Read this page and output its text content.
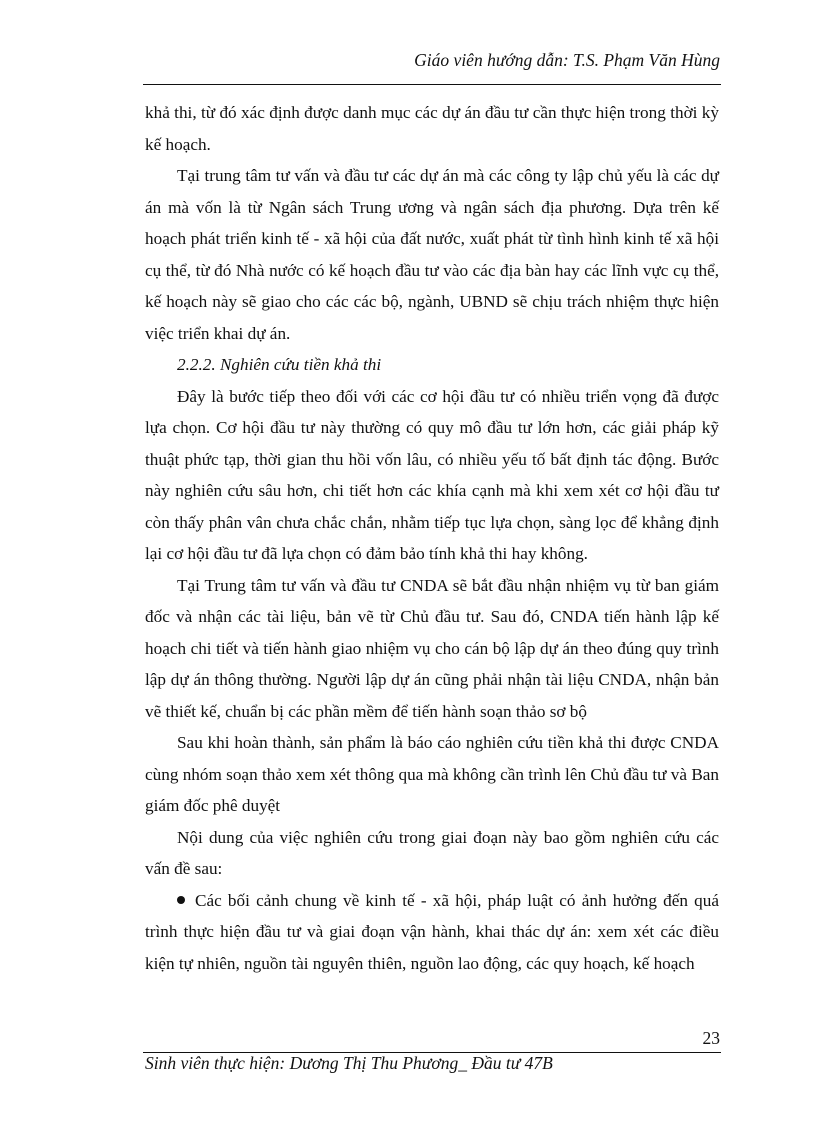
Giáo viên hướng dẫn: T.S. Phạm Văn Hùng

khả thi, từ đó xác định được danh mục các dự án đầu tư cần thực hiện trong thời kỳ kế hoạch.

Tại trung tâm tư vấn và đầu tư các dự án mà các công ty lập chủ yếu là các dự án mà vốn là từ Ngân sách Trung ương và ngân sách địa phương. Dựa trên kế hoạch phát triển kinh tế - xã hội của đất nước, xuất phát từ tình hình kinh tế xã hội cụ thể, từ đó Nhà nước có kế hoạch đầu tư vào các địa bàn hay các lĩnh vực cụ thể, kế hoạch này sẽ giao cho các các bộ, ngành, UBND sẽ chịu trách nhiệm thực hiện việc triển khai dự án.

2.2.2. Nghiên cứu tiền khả thi

Đây là bước tiếp theo đối với các cơ hội đầu tư có nhiều triển vọng đã được lựa chọn. Cơ hội đầu tư này thường có quy mô đầu tư lớn hơn, các giải pháp kỹ thuật phức tạp, thời gian thu hồi vốn lâu, có nhiều yếu tố bất định tác động. Bước này nghiên cứu sâu hơn, chi tiết hơn các khía cạnh mà khi xem xét cơ hội đầu tư còn thấy phân vân chưa chắc chắn, nhằm tiếp tục lựa chọn, sàng lọc để khẳng định lại cơ hội đầu tư đã lựa chọn có đảm bảo tính khả thi hay không.

Tại Trung tâm tư vấn và đầu tư CNDA sẽ bắt đầu nhận nhiệm vụ từ ban giám đốc và nhận các tài liệu, bản vẽ từ Chủ đầu tư. Sau đó, CNDA tiến hành lập kế hoạch chi tiết và tiến hành giao nhiệm vụ cho cán bộ lập dự án theo đúng quy trình lập dự án thông thường. Người lập dự án cũng phải nhận tài liệu CNDA, nhận bản vẽ thiết kế, chuẩn bị các phần mềm để tiến hành soạn thảo sơ bộ

Sau khi hoàn thành, sản phẩm là báo cáo nghiên cứu tiền khả thi được CNDA cùng nhóm soạn thảo xem xét thông qua mà không cần trình lên Chủ đầu tư và Ban giám đốc phê duyệt

Nội dung của việc nghiên cứu trong giai đoạn này bao gồm nghiên cứu các vấn đề sau:

Các bối cảnh chung về kinh tế - xã hội, pháp luật có ảnh hưởng đến quá trình thực hiện đầu tư và giai đoạn vận hành, khai thác dự án: xem xét các điều kiện tự nhiên, nguồn tài nguyên thiên, nguồn lao động, các quy hoạch, kế hoạch

23
Sinh viên thực hiện: Dương Thị Thu Phương_ Đầu tư 47B
